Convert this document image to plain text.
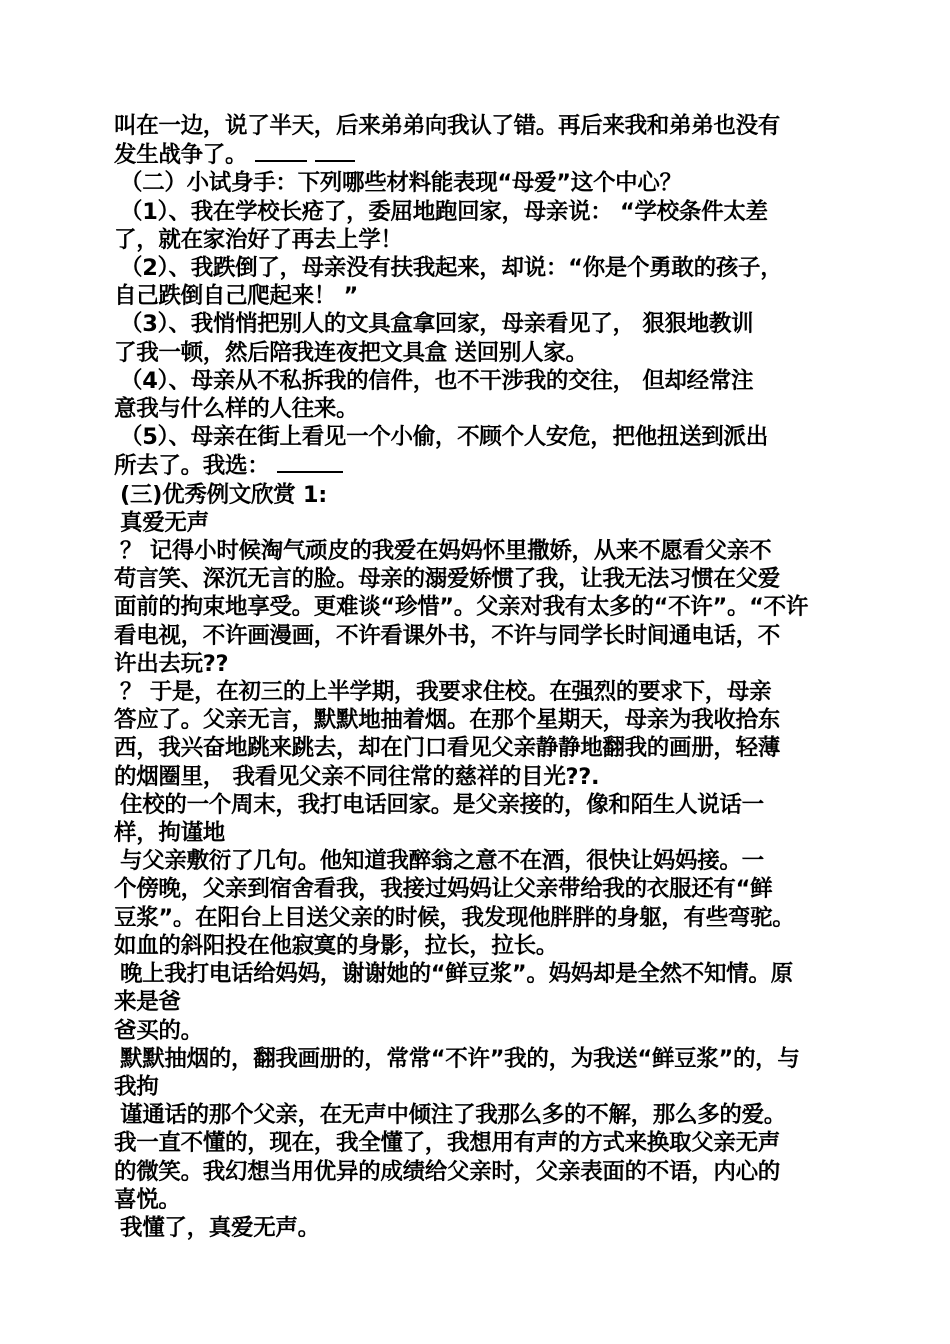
叫在一边，说了半天，后来弟弟向我认了错。再后来我和弟弟也没有

发生战争了。

（二）小试身手：下列哪些材料能表现“母爱”这个中心？

（1）、我在学校长疮了，委屈地跑回家，母亲说： “学校条件太差

了，就在家治好了再去上学！

（2）、我跌倒了，母亲没有扶我起来，却说：“你是个勇敢的孩子，

自己跌倒自己爬起来！ ”

（3）、我悄悄把别人的文具盒拿回家，母亲看见了， 狠狠地教训

了我一顿，然后陪我连夜把文具盒 送回别人家。

（4）、母亲从不私拆我的信件，也不干涉我的交往， 但却经常注

意我与什么样的人往来。

（5）、母亲在街上看见一个小偷，不顾个人安危，把他扭送到派出

所去了。我选：

(三)优秀例文欣赏 1:

真爱无声

？ 记得小时候淘气顽皮的我爱在妈妈怀里撒娇，从来不愿看父亲不

苟言笑、深沉无言的脸。母亲的溺爱娇惯了我，让我无法习惯在父爱

面前的拘束地享受。更难谈“珍惜”。父亲对我有太多的“不许”。“不许

看电视，不许画漫画，不许看课外书，不许与同学长时间通电话，不

许出去玩??

？ 于是，在初三的上半学期，我要求住校。在强烈的要求下，母亲

答应了。父亲无言，默默地抽着烟。在那个星期天，母亲为我收拾东

西，我兴奋地跳来跳去，却在门口看见父亲静静地翻我的画册，轻薄

的烟圈里， 我看见父亲不同往常的慈祥的目光??.

住校的一个周末，我打电话回家。是父亲接的，像和陌生人说话一

样，拘谨地

与父亲敷衍了几句。他知道我醉翁之意不在酒，很快让妈妈接。一

个傍晚，父亲到宿舍看我，我接过妈妈让父亲带给我的衣服还有“鲜

豆浆”。在阳台上目送父亲的时候，我发现他胖胖的身躯，有些弯驼。

如血的斜阳投在他寂寞的身影，拉长，拉长。

晚上我打电话给妈妈，谢谢她的“鲜豆浆”。妈妈却是全然不知情。原

来是爸

爸买的。

默默抽烟的，翻我画册的，常常“不许”我的，为我送“鲜豆浆”的，与

我拘

谨通话的那个父亲，在无声中倾注了我那么多的不解，那么多的爱。

我一直不懂的，现在，我全懂了，我想用有声的方式来换取父亲无声

的微笑。我幻想当用优异的成绩给父亲时，父亲表面的不语，内心的

喜悦。

我懂了，真爱无声。
